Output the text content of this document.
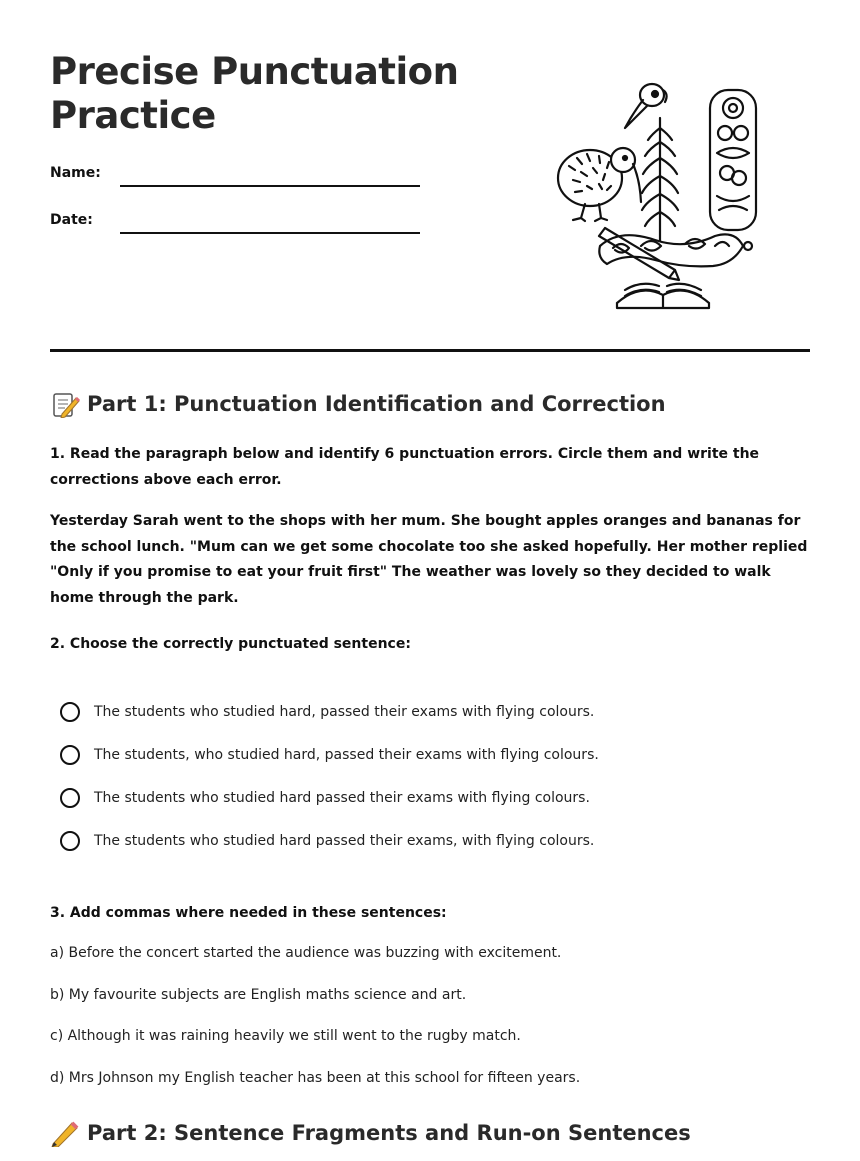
Precise Punctuation
Practice
Name:
Date:
Part 1: Punctuation Identification and Correction
1. Read the paragraph below and identify 6 punctuation errors. Circle them and write the corrections above each error.
Yesterday Sarah went to the shops with her mum. She bought apples oranges and bananas for the school lunch. "Mum can we get some chocolate too she asked hopefully. Her mother replied "Only if you promise to eat your fruit first" The weather was lovely so they decided to walk home through the park.
2. Choose the correctly punctuated sentence:
The students who studied hard, passed their exams with flying colours.
The students, who studied hard, passed their exams with flying colours.
The students who studied hard passed their exams with flying colours.
The students who studied hard passed their exams, with flying colours.
3. Add commas where needed in these sentences:
a) Before the concert started the audience was buzzing with excitement.
b) My favourite subjects are English maths science and art.
c) Although it was raining heavily we still went to the rugby match.
d) Mrs Johnson my English teacher has been at this school for fifteen years.
Part 2: Sentence Fragments and Run-on Sentences
